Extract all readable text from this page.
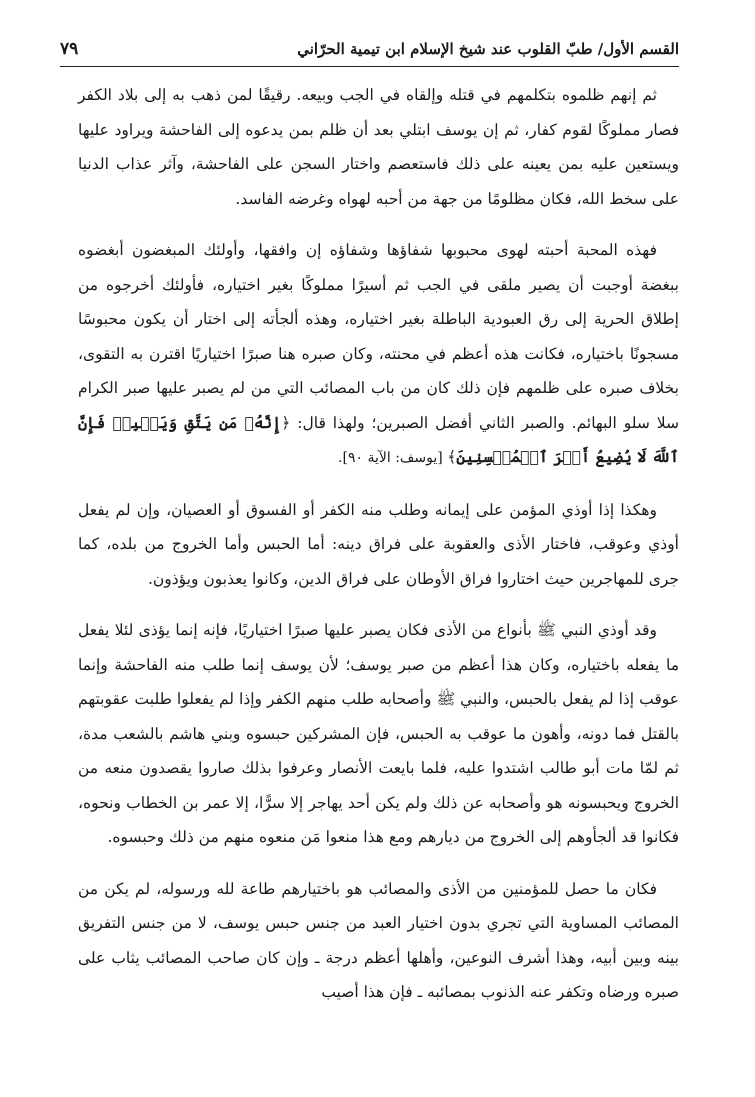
القسم الأول/ طبّ القلوب عند شيخ الإسلام ابن تيمية الحرّاني
٧٩

ثم إنهم ظلموه بتكلمهم في قتله وإلقاه في الجب وبيعه. رقيقًا لمن ذهب به إلى بلاد الكفر فصار مملوكًا لقوم كفار، ثم إن يوسف ابتلي بعد أن ظلم بمن يدعوه إلى الفاحشة ويراود عليها ويستعين عليه بمن يعينه على ذلك فاستعصم واختار السجن على الفاحشة، وآثر عذاب الدنيا على سخط الله، فكان مظلومًا من جهة من أحبه لهواه وغرضه الفاسد.

فهذه المحبة أحبته لهوى محبوبها شفاؤها وشفاؤه إن وافقها، وأولئك المبغضون أبغضوه ببغضة أوجبت أن يصير ملقى في الجب ثم أسيرًا مملوكًا بغير اختياره، فأولئك أخرجوه من إطلاق الحرية إلى رق العبودية الباطلة بغير اختياره، وهذه ألجأته إلى اختار أن يكون محبوسًا مسجونًا باختياره، فكانت هذه أعظم في محنته، وكان صبره هنا صبرًا اختياريًا اقترن به التقوى، بخلاف صبره على ظلمهم فإن ذلك كان من باب المصائب التي من لم يصبر عليها صبر الكرام سلا سلو البهائم. والصبر الثاني أفضل الصبرين؛ ولهذا قال: ﴿إِنَّهُۥ مَن يَتَّقِ وَيَصۡبِرۡ فَإِنَّ ٱللَّهَ لَا يُضِيعُ أَجۡرَ ٱلۡمُحۡسِنِينَ﴾ [يوسف: الآية ٩٠].

وهكذا إذا أوذي المؤمن على إيمانه وطلب منه الكفر أو الفسوق أو العصيان، وإن لم يفعل أوذي وعوقب، فاختار الأذى والعقوبة على فراق دينه: أما الحبس وأما الخروج من بلده، كما جرى للمهاجرين حيث اختاروا فراق الأوطان على فراق الدين، وكانوا يعذبون ويؤذون.

وقد أوذي النبي ﷺ بأنواع من الأذى فكان يصبر عليها صبرًا اختياريًا، فإنه إنما يؤذى لئلا يفعل ما يفعله باختياره، وكان هذا أعظم من صبر يوسف؛ لأن يوسف إنما طلب منه الفاحشة وإنما عوقب إذا لم يفعل بالحبس، والنبي ﷺ وأصحابه طلب منهم الكفر وإذا لم يفعلوا طلبت عقوبتهم بالقتل فما دونه، وأهون ما عوقب به الحبس، فإن المشركين حبسوه وبني هاشم بالشعب مدة، ثم لمّا مات أبو طالب اشتدوا عليه، فلما بايعت الأنصار وعرفوا بذلك صاروا يقصدون منعه من الخروج ويحبسونه هو وأصحابه عن ذلك ولم يكن أحد يهاجر إلا سرًّا، إلا عمر بن الخطاب ونحوه، فكانوا قد ألجأوهم إلى الخروج من ديارهم ومع هذا منعوا مَن منعوه منهم من ذلك وحبسوه.

فكان ما حصل للمؤمنين من الأذى والمصائب هو باختيارهم طاعة لله ورسوله، لم يكن من المصائب المساوية التي تجري بدون اختيار العبد من جنس حبس يوسف، لا من جنس التفريق بينه وبين أبيه، وهذا أشرف النوعين، وأهلها أعظم درجة ـ وإن كان صاحب المصائب يثاب على صبره ورضاه وتكفر عنه الذنوب بمصائبه ـ فإن هذا أصيب
